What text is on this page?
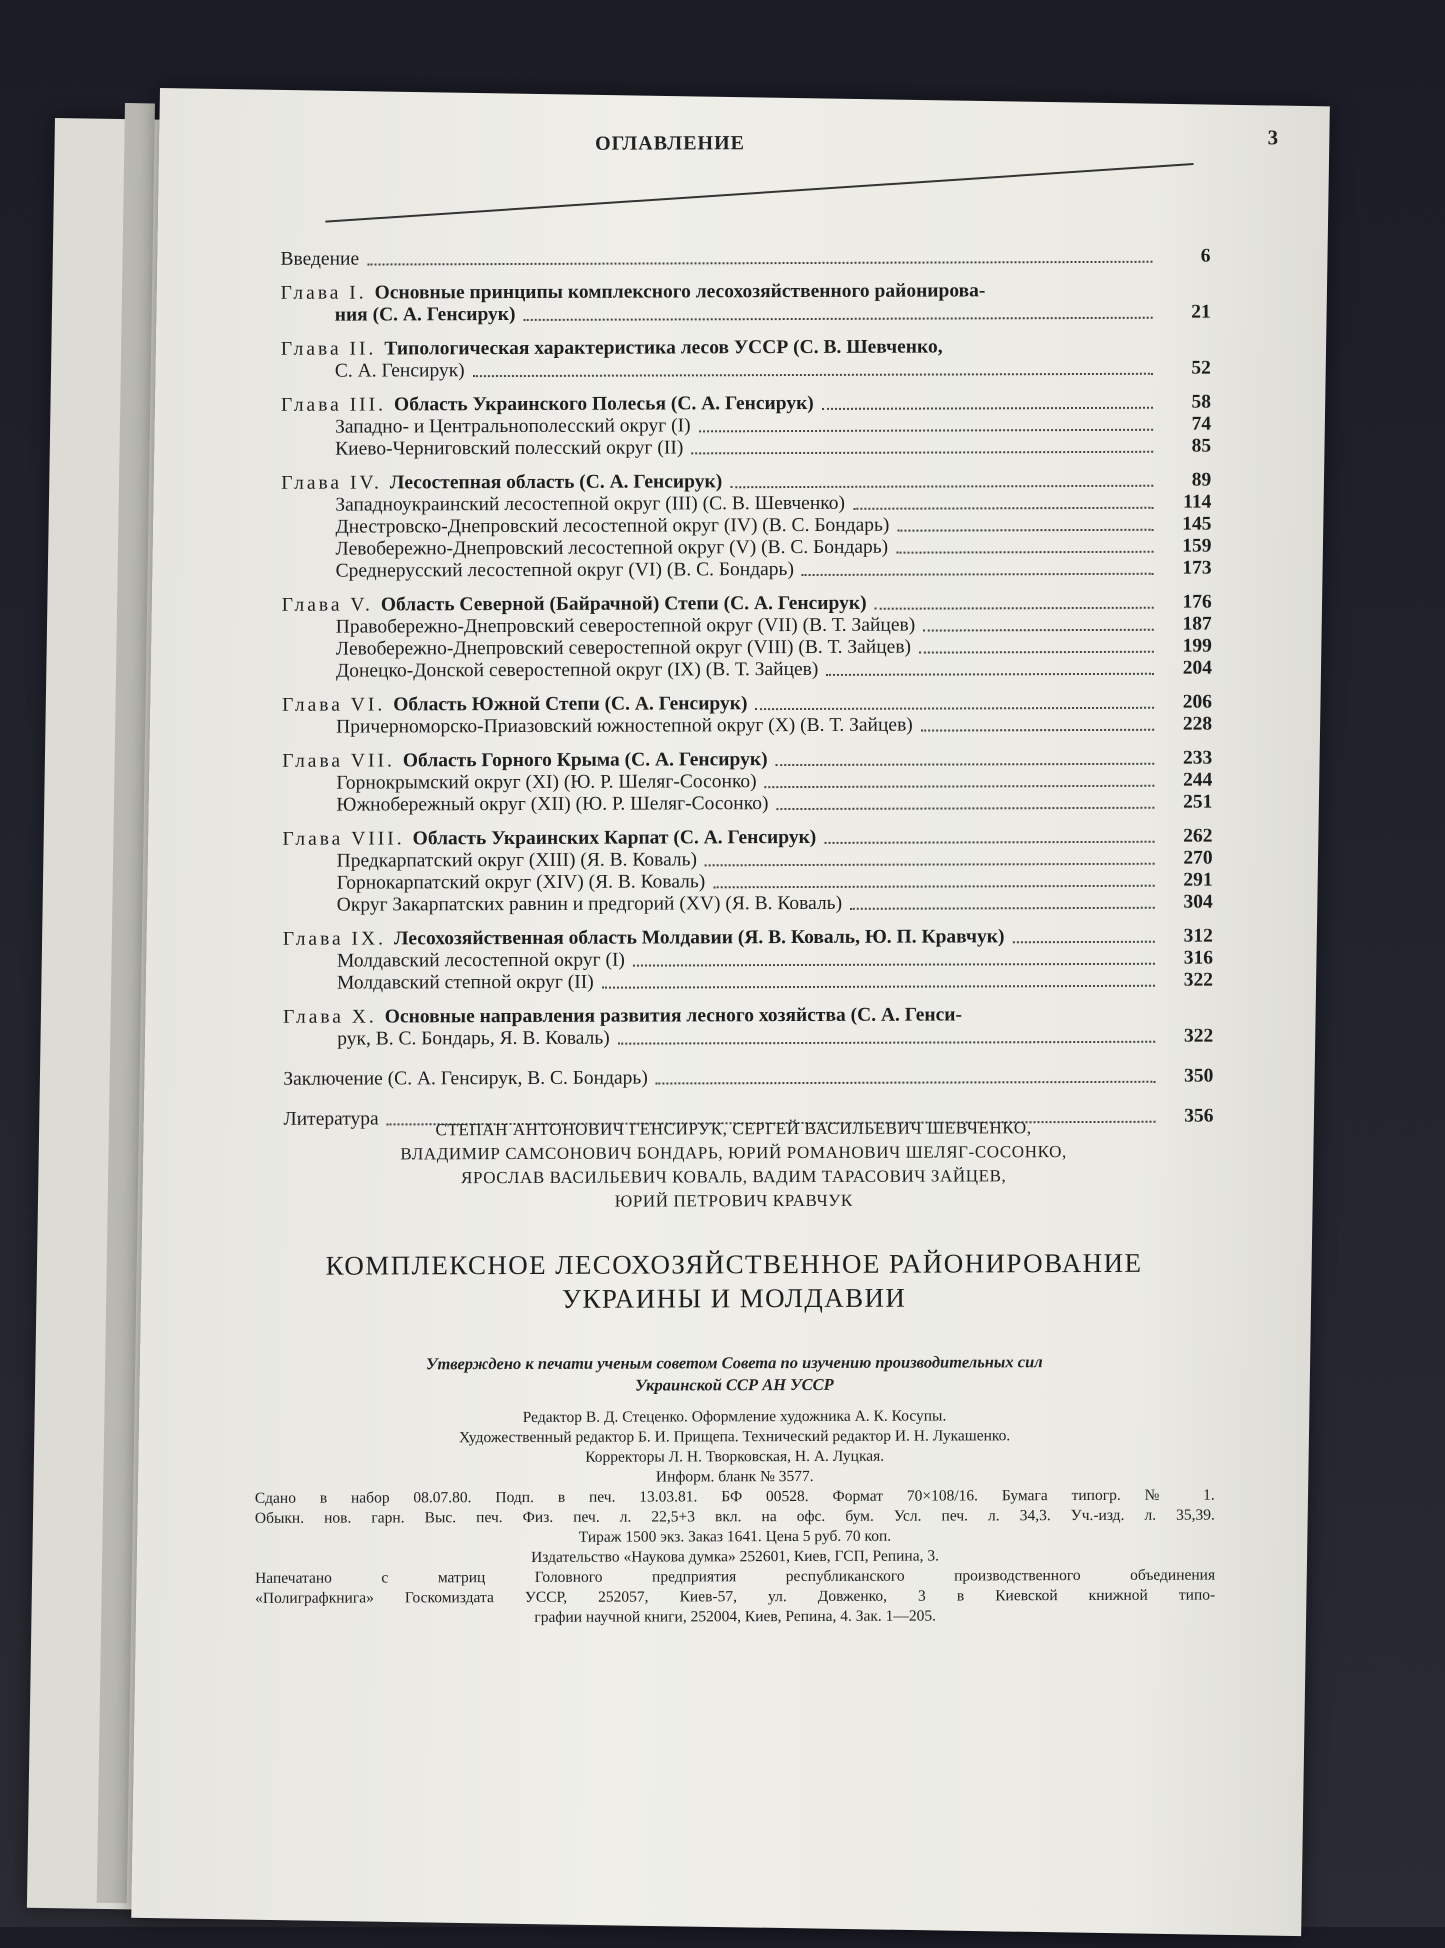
ОГЛАВЛЕНИЕ	3
Введение	6
Глава I. Основные принципы комплексного лесохозяйственного районирова-
ния (С. А. Генсирук)	21
Глава II. Типологическая характеристика лесов УССР (С. В. Шевченко,
С. А. Генсирук)	52
Глава III. Область Украинского Полесья (С. А. Генсирук)	58
Западно- и Центральнополесский округ (I)	74
Киево-Черниговский полесский округ (II)	85
Глава IV. Лесостепная область (С. А. Генсирук)	89
Западноукраинский лесостепной округ (III) (С. В. Шевченко)	114
Днестровско-Днепровский лесостепной округ (IV) (В. С. Бондарь)	145
Левобережно-Днепровский лесостепной округ (V) (В. С. Бондарь)	159
Среднерусский лесостепной округ (VI) (В. С. Бондарь)	173
Глава V. Область Северной (Байрачной) Степи (С. А. Генсирук)	176
Правобережно-Днепровский северостепной округ (VII) (В. Т. Зайцев)	187
Левобережно-Днепровский северостепной округ (VIII) (В. Т. Зайцев)	199
Донецко-Донской северостепной округ (IX) (В. Т. Зайцев)	204
Глава VI. Область Южной Степи (С. А. Генсирук)	206
Причерноморско-Приазовский южностепной округ (X) (В. Т. Зайцев)	228
Глава VII. Область Горного Крыма (С. А. Генсирук)	233
Горнокрымский округ (XI) (Ю. Р. Шеляг-Сосонко)	244
Южнобережный округ (XII) (Ю. Р. Шеляг-Сосонко)	251
Глава VIII. Область Украинских Карпат (С. А. Генсирук)	262
Предкарпатский округ (XIII) (Я. В. Коваль)	270
Горнокарпатский округ (XIV) (Я. В. Коваль)	291
Округ Закарпатских равнин и предгорий (XV) (Я. В. Коваль)	304
Глава IX. Лесохозяйственная область Молдавии (Я. В. Коваль, Ю. П. Кравчук)	312
Молдавский лесостепной округ (I)	316
Молдавский степной округ (II)	322
Глава X. Основные направления развития лесного хозяйства (С. А. Генси-
рук, В. С. Бондарь, Я. В. Коваль)	322
Заключение (С. А. Генсирук, В. С. Бондарь)	350
Литература	356
СТЕПАН АНТОНОВИЧ ГЕНСИРУК, СЕРГЕЙ ВАСИЛЬЕВИЧ ШЕВЧЕНКО,
ВЛАДИМИР САМСОНОВИЧ БОНДАРЬ, ЮРИЙ РОМАНОВИЧ ШЕЛЯГ-СОСОНКО,
ЯРОСЛАВ ВАСИЛЬЕВИЧ КОВАЛЬ, ВАДИМ ТАРАСОВИЧ ЗАЙЦЕВ,
ЮРИЙ ПЕТРОВИЧ КРАВЧУК
КОМПЛЕКСНОЕ ЛЕСОХОЗЯЙСТВЕННОЕ РАЙОНИРОВАНИЕ
УКРАИНЫ И МОЛДАВИИ
Утверждено к печати ученым советом Совета по изучению производительных сил
Украинской ССР АН УССР
Редактор В. Д. Стеценко. Оформление художника А. К. Косупы.
Художественный редактор Б. И. Прищепа. Технический редактор И. Н. Лукашенко.
Корректоры Л. Н. Творковская, Н. А. Луцкая.
Информ. бланк № 3577.
Сдано в набор 08.07.80. Подп. в печ. 13.03.81. БФ 00528. Формат 70×108/16. Бумага типогр. № 1.
Обыкн. нов. гарн. Выс. печ. Физ. печ. л. 22,5+3 вкл. на офс. бум. Усл. печ. л. 34,3. Уч.-изд. л. 35,39.
Тираж 1500 экз. Заказ 1641. Цена 5 руб. 70 коп.
Издательство «Наукова думка» 252601, Киев, ГСП, Репина, 3.
Напечатано с матриц Головного предприятия республиканского производственного объединения
«Полиграфкнига» Госкомиздата УССР, 252057, Киев-57, ул. Довженко, 3 в Киевской книжной типо-
графии научной книги, 252004, Киев, Репина, 4. Зак. 1—205.
